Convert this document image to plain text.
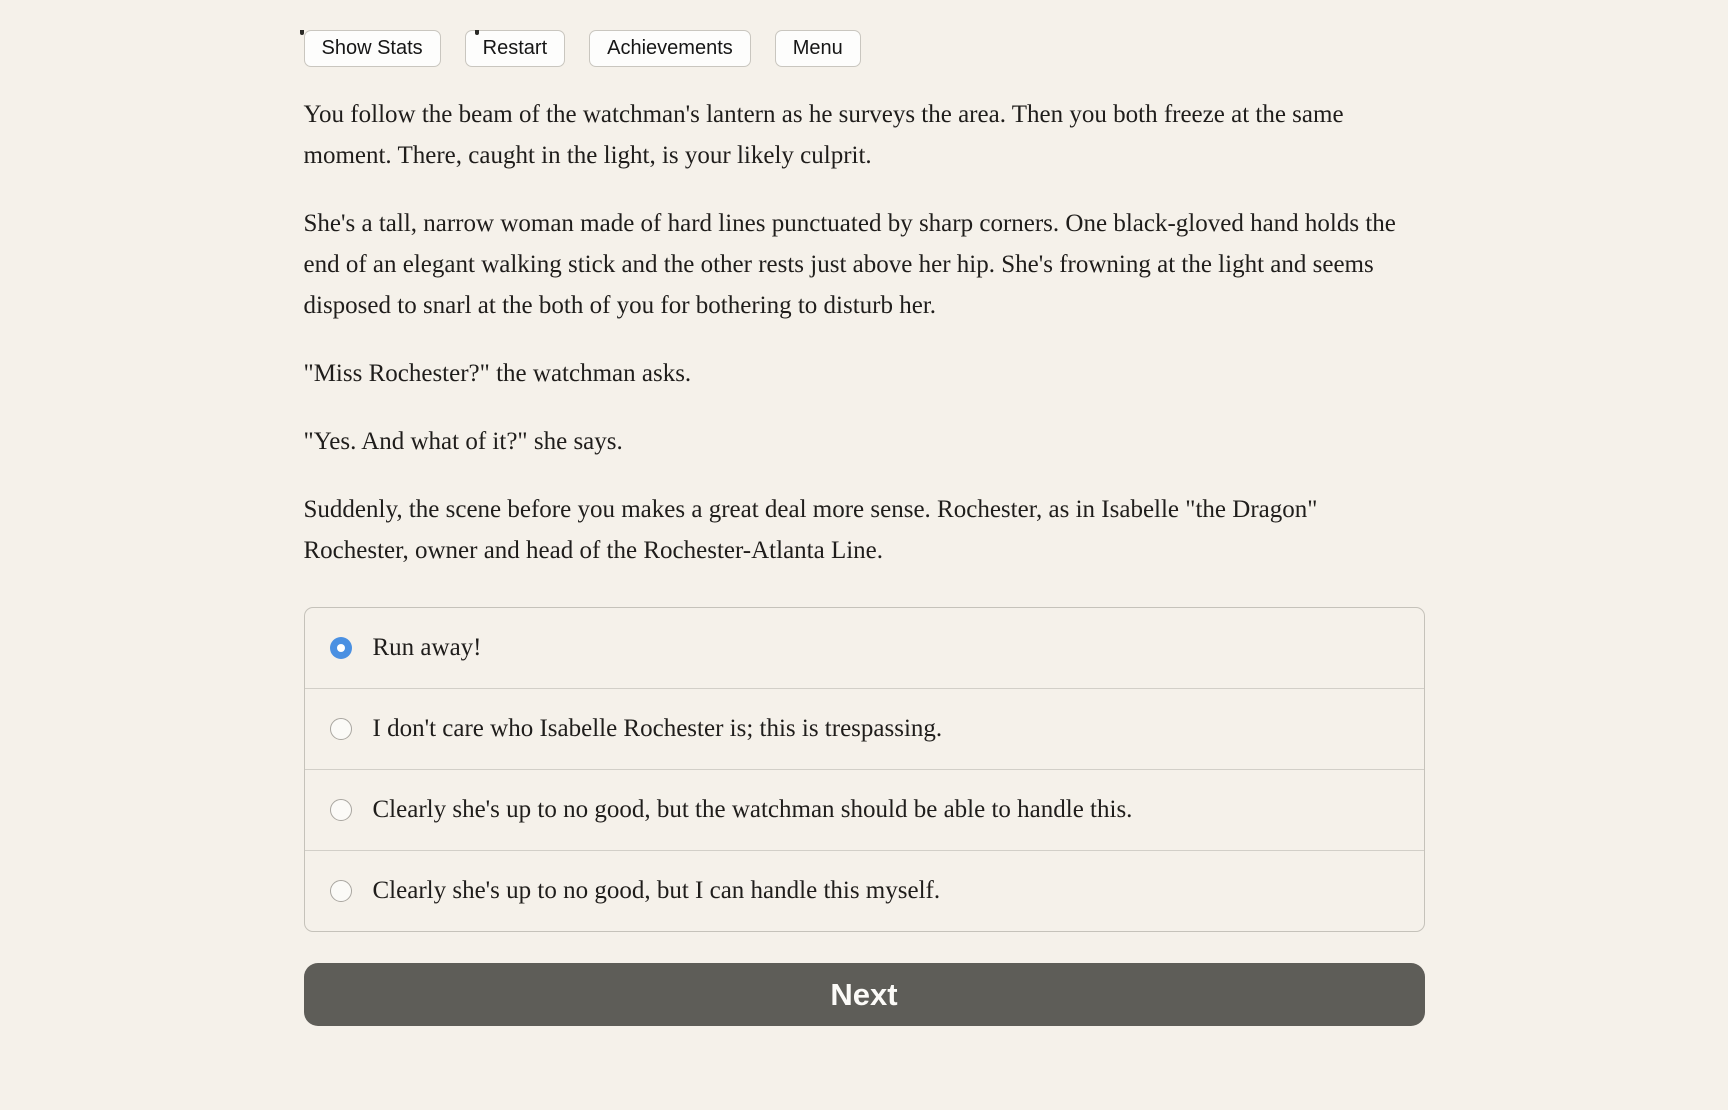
Show Stats	Restart	Achievements	Menu

You follow the beam of the watchman's lantern as he surveys the area. Then you both freeze at the same moment. There, caught in the light, is your likely culprit.

She's a tall, narrow woman made of hard lines punctuated by sharp corners. One black-gloved hand holds the end of an elegant walking stick and the other rests just above her hip. She's frowning at the light and seems disposed to snarl at the both of you for bothering to disturb her.

"Miss Rochester?" the watchman asks.

"Yes. And what of it?" she says.

Suddenly, the scene before you makes a great deal more sense. Rochester, as in Isabelle "the Dragon" Rochester, owner and head of the Rochester-Atlanta Line.

Run away!
I don't care who Isabelle Rochester is; this is trespassing.
Clearly she's up to no good, but the watchman should be able to handle this.
Clearly she's up to no good, but I can handle this myself.
Next
